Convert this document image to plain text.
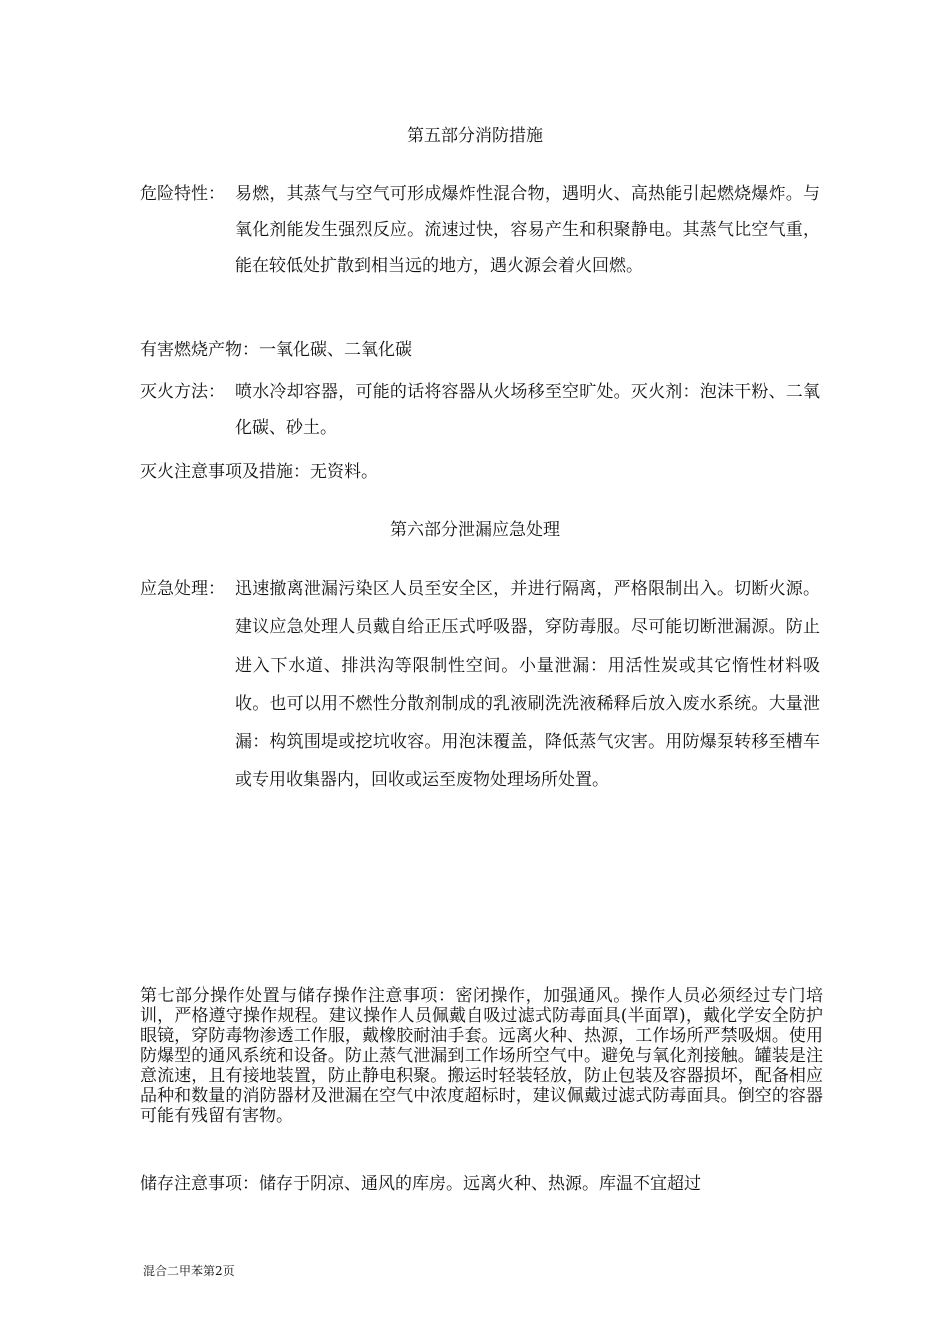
第五部分消防措施
危险特性： 易燃，其蒸气与空气可形成爆炸性混合物，遇明火、高热能引起燃烧爆炸。与氧化剂能发生强烈反应。流速过快，容易产生和积聚静电。其蒸气比空气重，能在较低处扩散到相当远的地方，遇火源会着火回燃。
有害燃烧产物：一氧化碳、二氧化碳
灭火方法： 喷水冷却容器，可能的话将容器从火场移至空旷处。灭火剂：泡沫干粉、二氧化碳、砂土。
灭火注意事项及措施：无资料。
第六部分泄漏应急处理
应急处理： 迅速撤离泄漏污染区人员至安全区，并进行隔离，严格限制出入。切断火源。建议应急处理人员戴自给正压式呼吸器，穿防毒服。尽可能切断泄漏源。防止进入下水道、排洪沟等限制性空间。小量泄漏：用活性炭或其它惰性材料吸收。也可以用不燃性分散剂制成的乳液刷洗洗液稀释后放入废水系统。大量泄漏：构筑围堤或挖坑收容。用泡沫覆盖，降低蒸气灾害。用防爆泵转移至槽车或专用收集器内，回收或运至废物处理场所处置。
第七部分操作处置与储存操作注意事项：密闭操作，加强通风。操作人员必须经过专门培训，严格遵守操作规程。建议操作人员佩戴自吸过滤式防毒面具(半面罩)，戴化学安全防护眼镜，穿防毒物渗透工作服，戴橡胶耐油手套。远离火种、热源，工作场所严禁吸烟。使用防爆型的通风系统和设备。防止蒸气泄漏到工作场所空气中。避免与氧化剂接触。罐装是注意流速，且有接地装置，防止静电积聚。搬运时轻装轻放，防止包装及容器损坏，配备相应品种和数量的消防器材及泄漏在空气中浓度超标时，建议佩戴过滤式防毒面具。倒空的容器可能有残留有害物。
储存注意事项：储存于阴凉、通风的库房。远离火种、热源。库温不宜超过
混合二甲苯第2页
